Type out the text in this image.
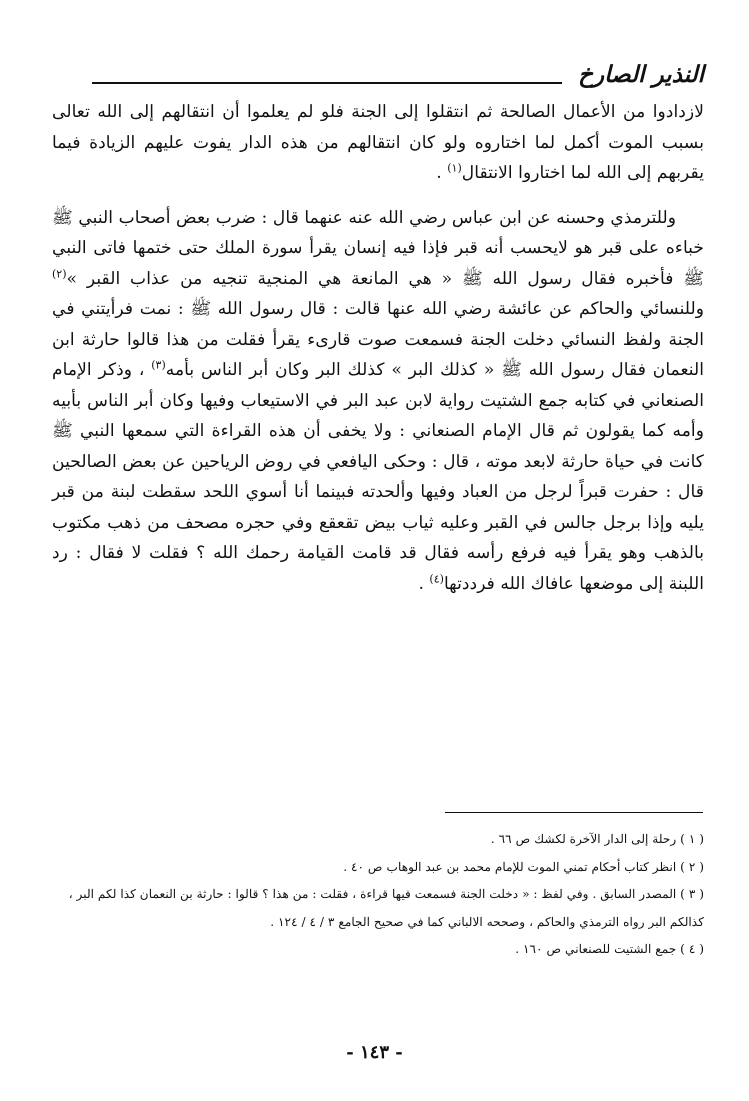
النذير الصارخ

لازدادوا من الأعمال الصالحة ثم انتقلوا إلى الجنة فلو لم يعلموا أن انتقالهم إلى الله تعالى بسبب الموت أكمل لما اختاروه ولو كان انتقالهم من هذه الدار يفوت عليهم الزيادة فيما يقربهم إلى الله لما اختاروا الانتقال$^{(١)}$ .

وللترمذي وحسنه عن ابن عباس رضي الله عنه عنهما قال : ضرب بعض أصحاب النبي ﷺ خباءه على قبر هو لايحسب أنه قبر فإذا فيه إنسان يقرأ سورة الملك حتى ختمها فاتى النبي ﷺ فأخبره فقال رسول الله ﷺ « هي المانعة هي المنجية تنجيه من عذاب القبر »$^{(٢)}$ وللنسائي والحاكم عن عائشة رضي الله عنها قالت : قال رسول الله ﷺ : نمت فرأيتني في الجنة ولفظ النسائي دخلت الجنة فسمعت صوت قارىء يقرأ فقلت من هذا قالوا حارثة ابن النعمان فقال رسول الله ﷺ « كذلك البر » كذلك البر وكان أبر الناس بأمه$^{(٣)}$ ، وذكر الإمام الصنعاني في كتابه جمع الشتيت رواية لابن عبد البر في الاستيعاب وفيها وكان أبر الناس بأبيه وأمه كما يقولون ثم قال الإمام الصنعاني : ولا يخفى أن هذه القراءة التي سمعها النبي ﷺ كانت في حياة حارثة لابعد موته ، قال : وحكى اليافعي في روض الرياحين عن بعض الصالحين قال : حفرت قبراً لرجل من العباد وفيها وألحدته فبينما أنا أسوي اللحد سقطت لبنة من قبر يليه وإذا برجل جالس في القبر وعليه ثياب بيض تقعقع وفي حجره مصحف من ذهب مكتوب بالذهب وهو يقرأ فيه فرفع رأسه فقال قد قامت القيامة رحمك الله ؟ فقلت لا فقال : رد اللبنة إلى موضعها عافاك الله فرددتها$^{(٤)}$ .

( ١ ) رحلة إلى الدار الآخرة لكشك ص ٦٦ .

( ٢ ) انظر كتاب أحكام تمني الموت للإمام محمد بن عبد الوهاب ص ٤٠ .

( ٣ ) المصدر السابق . وفي لفظ : « دخلت الجنة فسمعت فيها قراءة ، فقلت : من هذا ؟ قالوا : حارثة بن النعمان كذا لكم البر ، كذالكم البر رواه الترمذي والحاكم ، وصححه الالباني كما في صحيح الجامع ٣ / ٤ / ١٢٤ .

( ٤ ) جمع الشتيت للصنعاني ص ١٦٠ .

- ١٤٣ -
